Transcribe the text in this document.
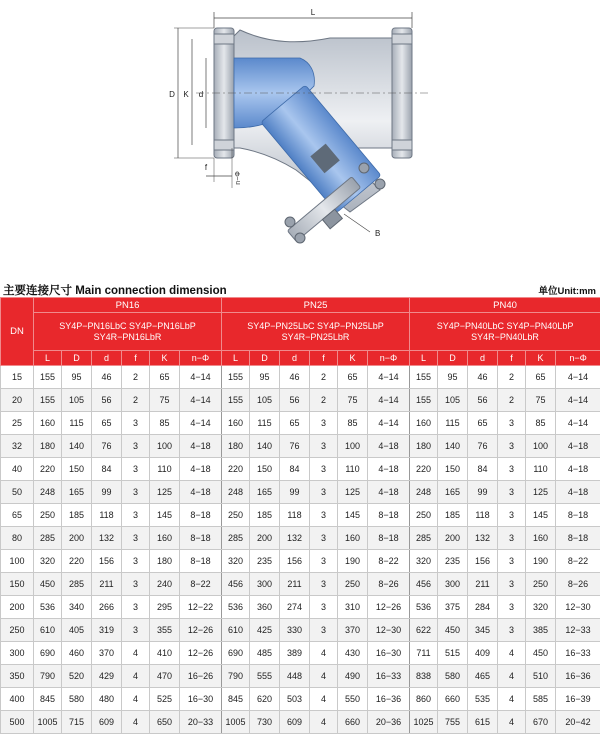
L
D K d
f
n−Φ
B
主要连接尺寸 Main connection dimension	单位Unit:mm
DN	PN16						PN25						PN40					
	SY4P−PN16LbC SY4P−PN16LbP SY4R−PN16LbR						SY4P−PN25LbC SY4P−PN25LbP SY4R−PN25LbR						SY4P−PN40LbC SY4P−PN40LbP SY4R−PN40LbR					
	L	D	d	f	K	n−Φ	L	D	d	f	K	n−Φ	L	D	d	f	K	n−Φ
15	155	95	46	2	65	4−14	155	95	46	2	65	4−14	155	95	46	2	65	4−14
20	155	105	56	2	75	4−14	155	105	56	2	75	4−14	155	105	56	2	75	4−14
25	160	115	65	3	85	4−14	160	115	65	3	85	4−14	160	115	65	3	85	4−14
32	180	140	76	3	100	4−18	180	140	76	3	100	4−18	180	140	76	3	100	4−18
40	220	150	84	3	110	4−18	220	150	84	3	110	4−18	220	150	84	3	110	4−18
50	248	165	99	3	125	4−18	248	165	99	3	125	4−18	248	165	99	3	125	4−18
65	250	185	118	3	145	8−18	250	185	118	3	145	8−18	250	185	118	3	145	8−18
80	285	200	132	3	160	8−18	285	200	132	3	160	8−18	285	200	132	3	160	8−18
100	320	220	156	3	180	8−18	320	235	156	3	190	8−22	320	235	156	3	190	8−22
150	450	285	211	3	240	8−22	456	300	211	3	250	8−26	456	300	211	3	250	8−26
200	536	340	266	3	295	12−22	536	360	274	3	310	12−26	536	375	284	3	320	12−30
250	610	405	319	3	355	12−26	610	425	330	3	370	12−30	622	450	345	3	385	12−33
300	690	460	370	4	410	12−26	690	485	389	4	430	16−30	711	515	409	4	450	16−33
350	790	520	429	4	470	16−26	790	555	448	4	490	16−33	838	580	465	4	510	16−36
400	845	580	480	4	525	16−30	845	620	503	4	550	16−36	860	660	535	4	585	16−39
500	1005	715	609	4	650	20−33	1005	730	609	4	660	20−36	1025	755	615	4	670	20−42
